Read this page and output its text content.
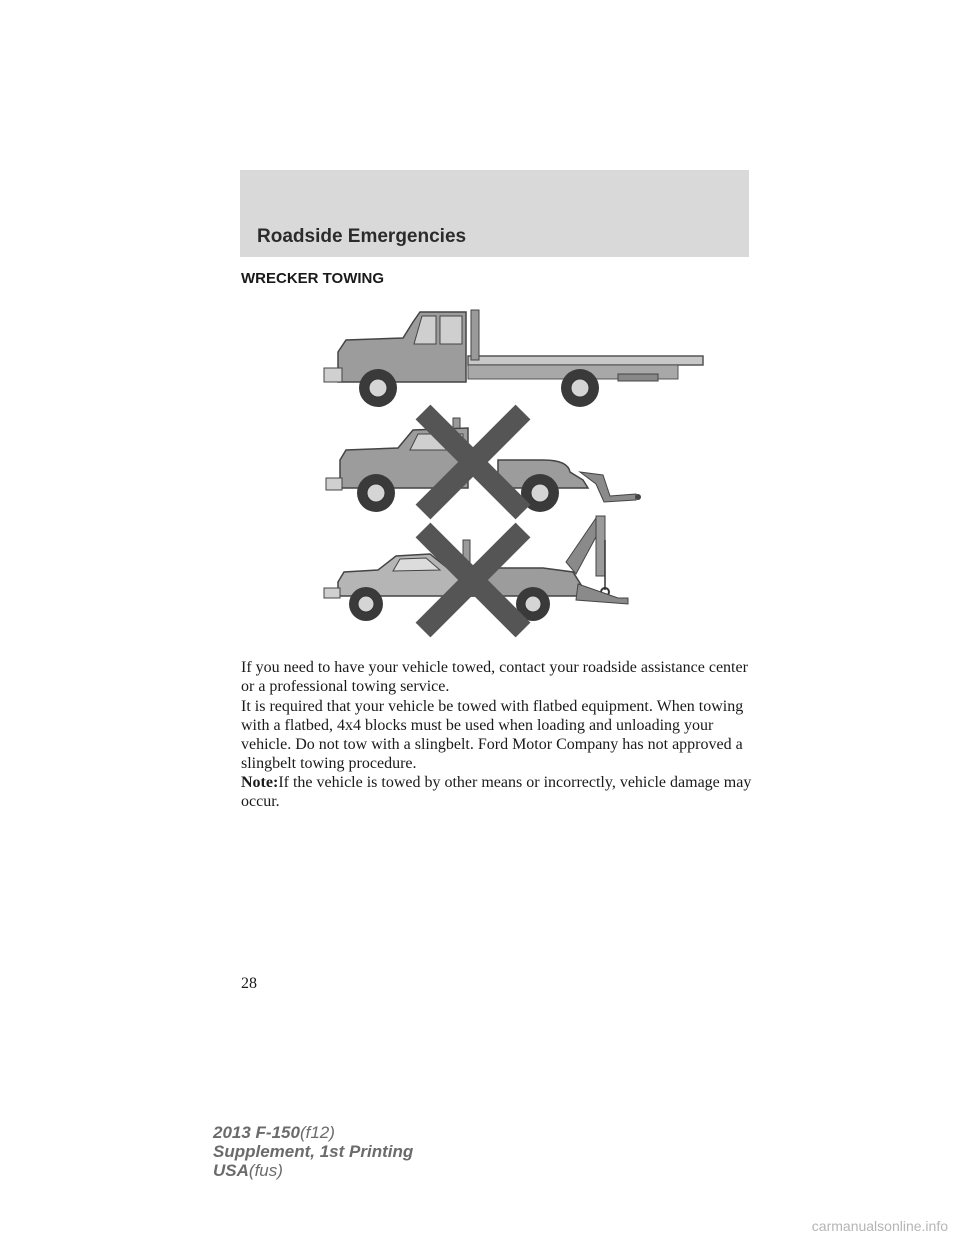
Roadside Emergencies
WRECKER TOWING

If you need to have your vehicle towed, contact your roadside assistance center or a professional towing service.

It is required that your vehicle be towed with flatbed equipment. When towing with a flatbed, 4x4 blocks must be used when loading and unloading your vehicle. Do not tow with a slingbelt. Ford Motor Company has not approved a slingbelt towing procedure.

Note:If the vehicle is towed by other means or incorrectly, vehicle damage may occur.

28

2013 F-150(f12)
Supplement, 1st Printing
USA(fus)
carmanualsonline.info
